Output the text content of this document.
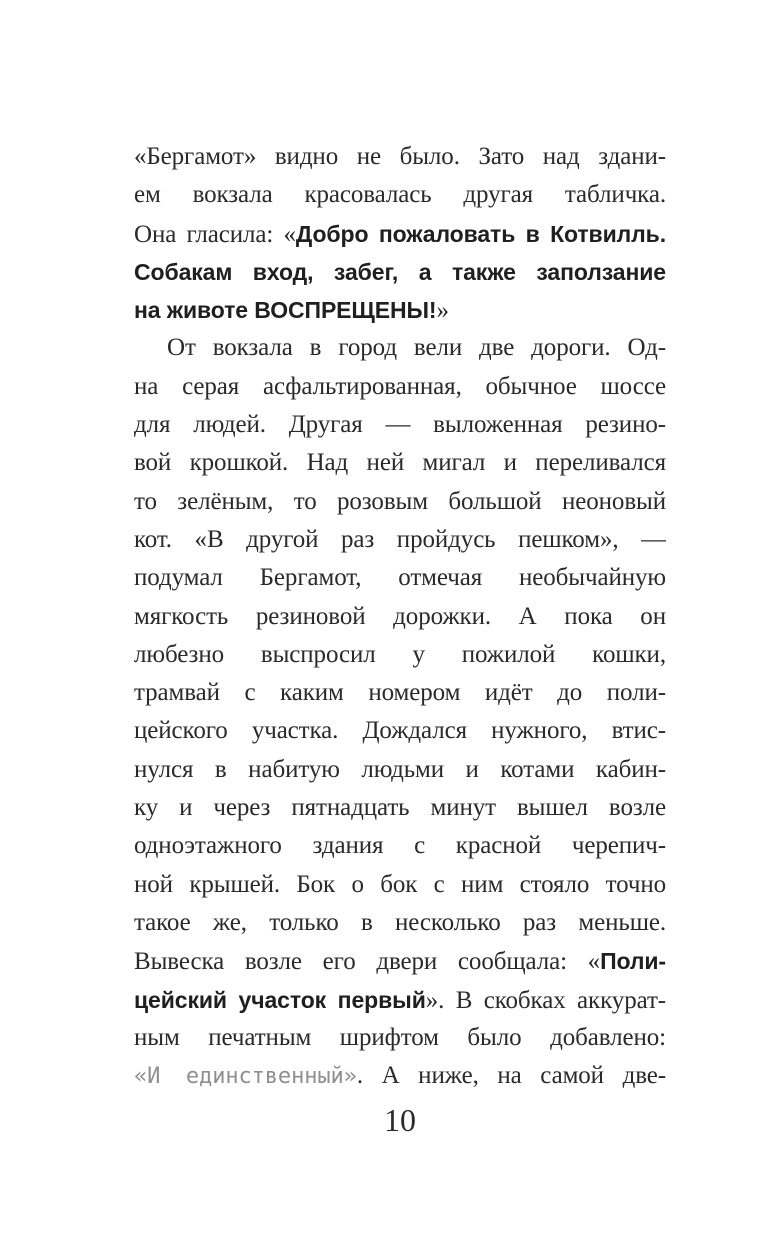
«Бергамот» видно не было. Зато над здани-
ем вокзала красовалась другая табличка.
Она гласила: «Добро пожаловать в Котвилль.
Собакам вход, забег, а также заползание
на животе ВОСПРЕЩЕНЫ!»
От вокзала в город вели две дороги. Од-
на серая асфальтированная, обычное шоссе
для людей. Другая — выложенная резино-
вой крошкой. Над ней мигал и переливался
то зелёным, то розовым большой неоновый
кот. «В другой раз пройдусь пешком», —
подумал Бергамот, отмечая необычайную
мягкость резиновой дорожки. А пока он
любезно выспросил у пожилой кошки,
трамвай с каким номером идёт до поли-
цейского участка. Дождался нужного, втис-
нулся в набитую людьми и котами кабин-
ку и через пятнадцать минут вышел возле
одноэтажного здания с красной черепич-
ной крышей. Бок о бок с ним стояло точно
такое же, только в несколько раз меньше.
Вывеска возле его двери сообщала: «Поли-
цейский участок первый». В скобках аккурат-
ным печатным шрифтом было добавлено:
«И единственный». А ниже, на самой две-
10
